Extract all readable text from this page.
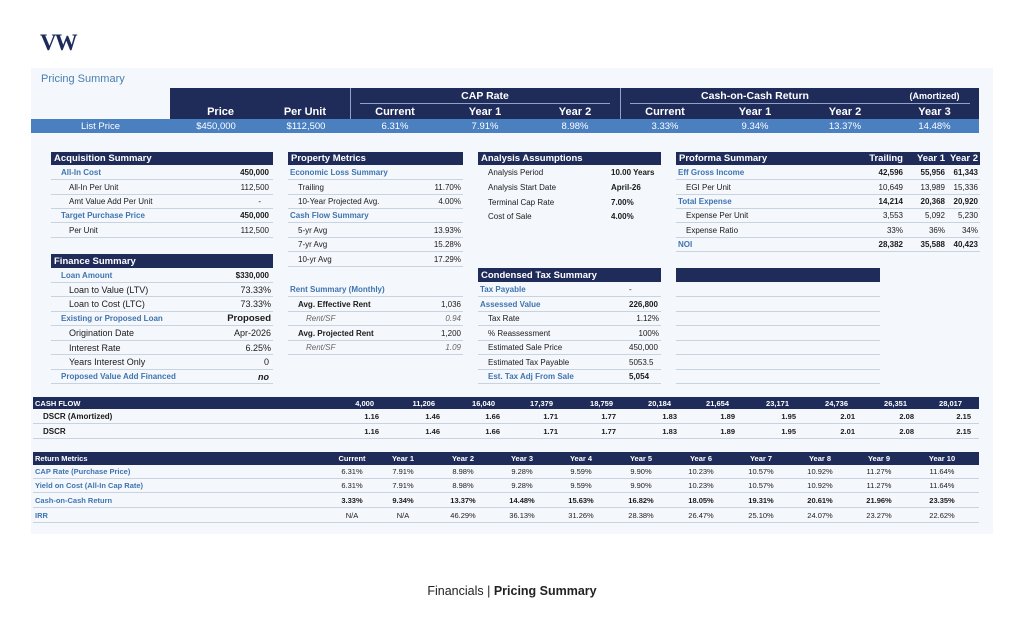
VW
Pricing Summary
CAP Rate	Cash-on-Cash Return	(Amortized)
Price	Per Unit	Current	Year 1	Year 2	Current	Year 1	Year 2	Year 3
List Price	$450,000	$112,500	6.31%	7.91%	8.98%	3.33%	9.34%	13.37%	14.48%
Acquisition Summary
All-In Cost	450,000
All-In Per Unit	112,500
Amt Value Add Per Unit	-
Target Purchase Price	450,000
Per Unit	112,500
Finance Summary
Loan Amount	$330,000
Loan to Value (LTV)	73.33%
Loan to Cost (LTC)	73.33%
Existing or Proposed Loan	Proposed
Origination Date	Apr-2026
Interest Rate	6.25%
Years Interest Only	0
Proposed Value Add Financed	no
Property Metrics
Economic Loss Summary
Trailing	11.70%
10-Year Projected Avg.	4.00%
Cash Flow Summary
5-yr Avg	13.93%
7-yr Avg	15.28%
10-yr Avg	17.29%
Rent Summary (Monthly)
Avg. Effective Rent	1,036
Rent/SF	0.94
Avg. Projected Rent	1,200
Rent/SF	1.09
Analysis Assumptions
Analysis Period	10.00 Years
Analysis Start Date	April-26
Terminal Cap Rate	7.00%
Cost of Sale	4.00%
Condensed Tax Summary
Tax Payable	-
Assessed Value	226,800
Tax Rate	1.12%
% Reassessment	100%
Estimated Sale Price	450,000
Estimated Tax Payable	5053.5
Est. Tax Adj From Sale	5,054
Proforma Summary	Trailing	Year 1 Year 2
Eff Gross Income	42,596	55,956	61,343
EGI Per Unit	10,649	13,989	15,336
Total Expense	14,214	20,368	20,920
Expense Per Unit	3,553	5,092	5,230
Expense Ratio	33%	36%	34%
NOI	28,382	35,588	40,423
CASH FLOW	4,000	11,206	16,040	17,379	18,759	20,184	21,654	23,171	24,736	26,351	28,017
DSCR (Amortized)	1.16	1.46	1.66	1.71	1.77	1.83	1.89	1.95	2.01	2.08	2.15
DSCR	1.16	1.46	1.66	1.71	1.77	1.83	1.89	1.95	2.01	2.08	2.15
Return Metrics	Current	Year 1	Year 2	Year 3	Year 4	Year 5	Year 6	Year 7	Year 8	Year 9	Year 10
CAP Rate (Purchase Price)	6.31%	7.91%	8.98%	9.28%	9.59%	9.90%	10.23%	10.57%	10.92%	11.27%	11.64%
Yield on Cost (All-In Cap Rate)	6.31%	7.91%	8.98%	9.28%	9.59%	9.90%	10.23%	10.57%	10.92%	11.27%	11.64%
Cash-on-Cash Return	3.33%	9.34%	13.37%	14.48%	15.63%	16.82%	18.05%	19.31%	20.61%	21.96%	23.35%
IRR	N/A	N/A	46.29%	36.13%	31.26%	28.38%	26.47%	25.10%	24.07%	23.27%	22.62%
Financials | Pricing Summary
